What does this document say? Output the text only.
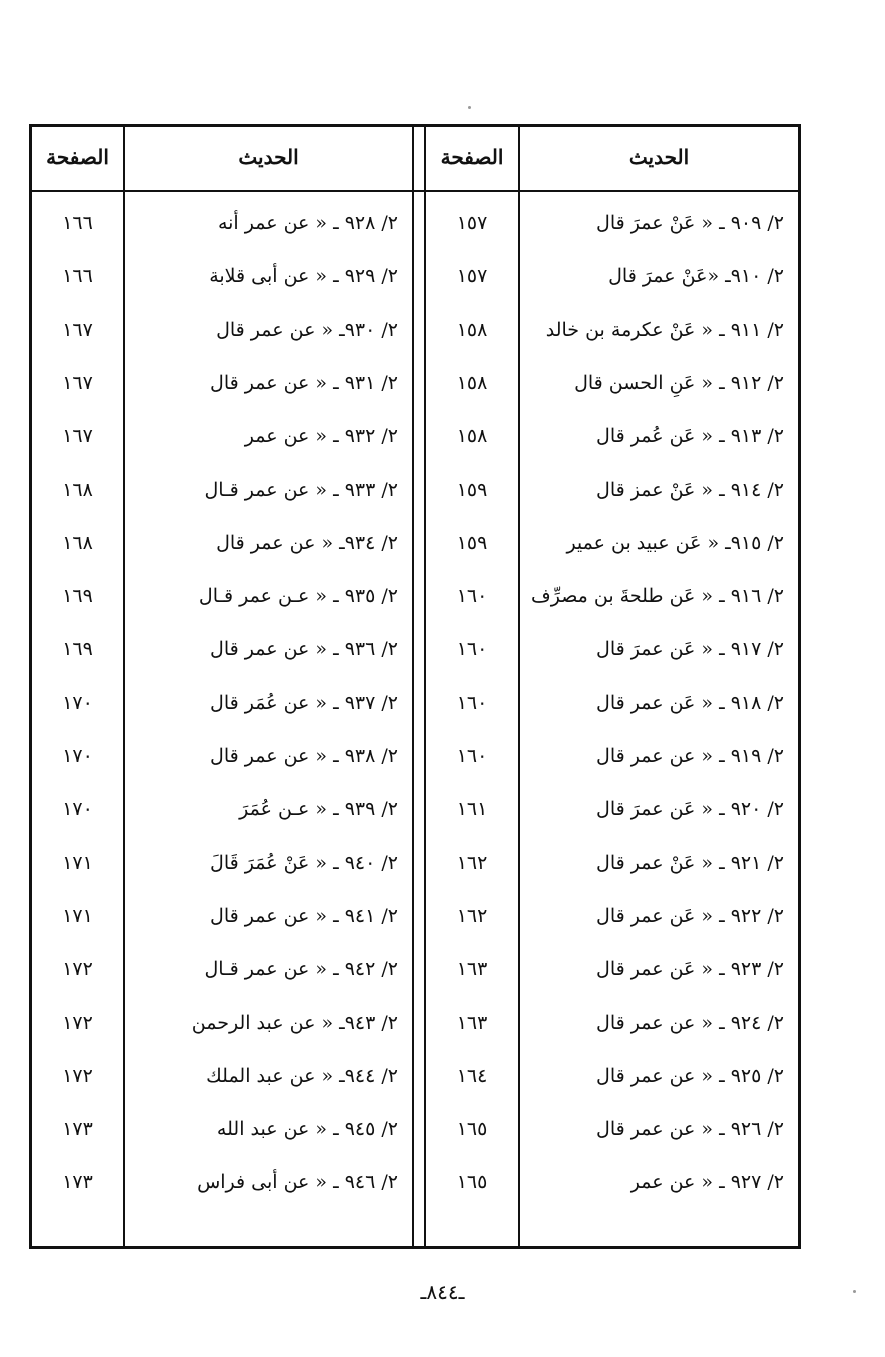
الحديث
الصفحة
الحديث
الصفحة
٢/ ٩٠٩ ـ « عَنْ عمرَ قال
١٥٧
٢/ ٩٢٨ ـ « عن عمر أنه
١٦٦
٢/ ٩١٠ـ «عَنْ عمرَ قال
١٥٧
٢/ ٩٢٩ ـ « عن أبى قلابة
١٦٦
٢/ ٩١١ ـ « عَنْ عكرمة بن خالد
١٥٨
٢/ ٩٣٠ـ « عن عمر قال
١٦٧
٢/ ٩١٢ ـ « عَنِ الحسن قال
١٥٨
٢/ ٩٣١ ـ « عن عمر قال
١٦٧
٢/ ٩١٣ ـ « عَن عُمر قال
١٥٨
٢/ ٩٣٢ ـ « عن عمر
١٦٧
٢/ ٩١٤ ـ « عَنْ عمز قال
١٥٩
٢/ ٩٣٣ ـ « عن عمر قـال
١٦٨
٢/ ٩١٥ـ « عَن عبيد بن عمير
١٥٩
٢/ ٩٣٤ـ « عن عمر قال
١٦٨
٢/ ٩١٦ ـ « عَن طلحةَ بن مصرِّف
١٦٠
٢/ ٩٣٥ ـ « عـن عمر قـال
١٦٩
٢/ ٩١٧ ـ « عَن عمرَ قال
١٦٠
٢/ ٩٣٦ ـ « عن عمر قال
١٦٩
٢/ ٩١٨ ـ « عَن عمر قال
١٦٠
٢/ ٩٣٧ ـ « عن عُمَر قال
١٧٠
٢/ ٩١٩ ـ « عن عمر قال
١٦٠
٢/ ٩٣٨ ـ « عن عمر قال
١٧٠
٢/ ٩٢٠ ـ « عَن عمرَ قال
١٦١
٢/ ٩٣٩ ـ « عـن عُمَرَ
١٧٠
٢/ ٩٢١ ـ « عَنْ عمر قال
١٦٢
٢/ ٩٤٠ ـ « عَنْ عُمَرَ قَالَ
١٧١
٢/ ٩٢٢ ـ « عَن عمر قال
١٦٢
٢/ ٩٤١ ـ « عن عمر قال
١٧١
٢/ ٩٢٣ ـ « عَن عمر قال
١٦٣
٢/ ٩٤٢ ـ « عن عمر قـال
١٧٢
٢/ ٩٢٤ ـ « عن عمر قال
١٦٣
٢/ ٩٤٣ـ « عن عبد الرحمن
١٧٢
٢/ ٩٢٥ ـ « عن عمر قال
١٦٤
٢/ ٩٤٤ـ « عن عبد الملك
١٧٢
٢/ ٩٢٦ ـ « عن عمر قال
١٦٥
٢/ ٩٤٥ ـ « عن عبد الله
١٧٣
٢/ ٩٢٧ ـ « عن عمر
١٦٥
٢/ ٩٤٦ ـ « عن أبى فراس
١٧٣
ـ٨٤٤ـ
